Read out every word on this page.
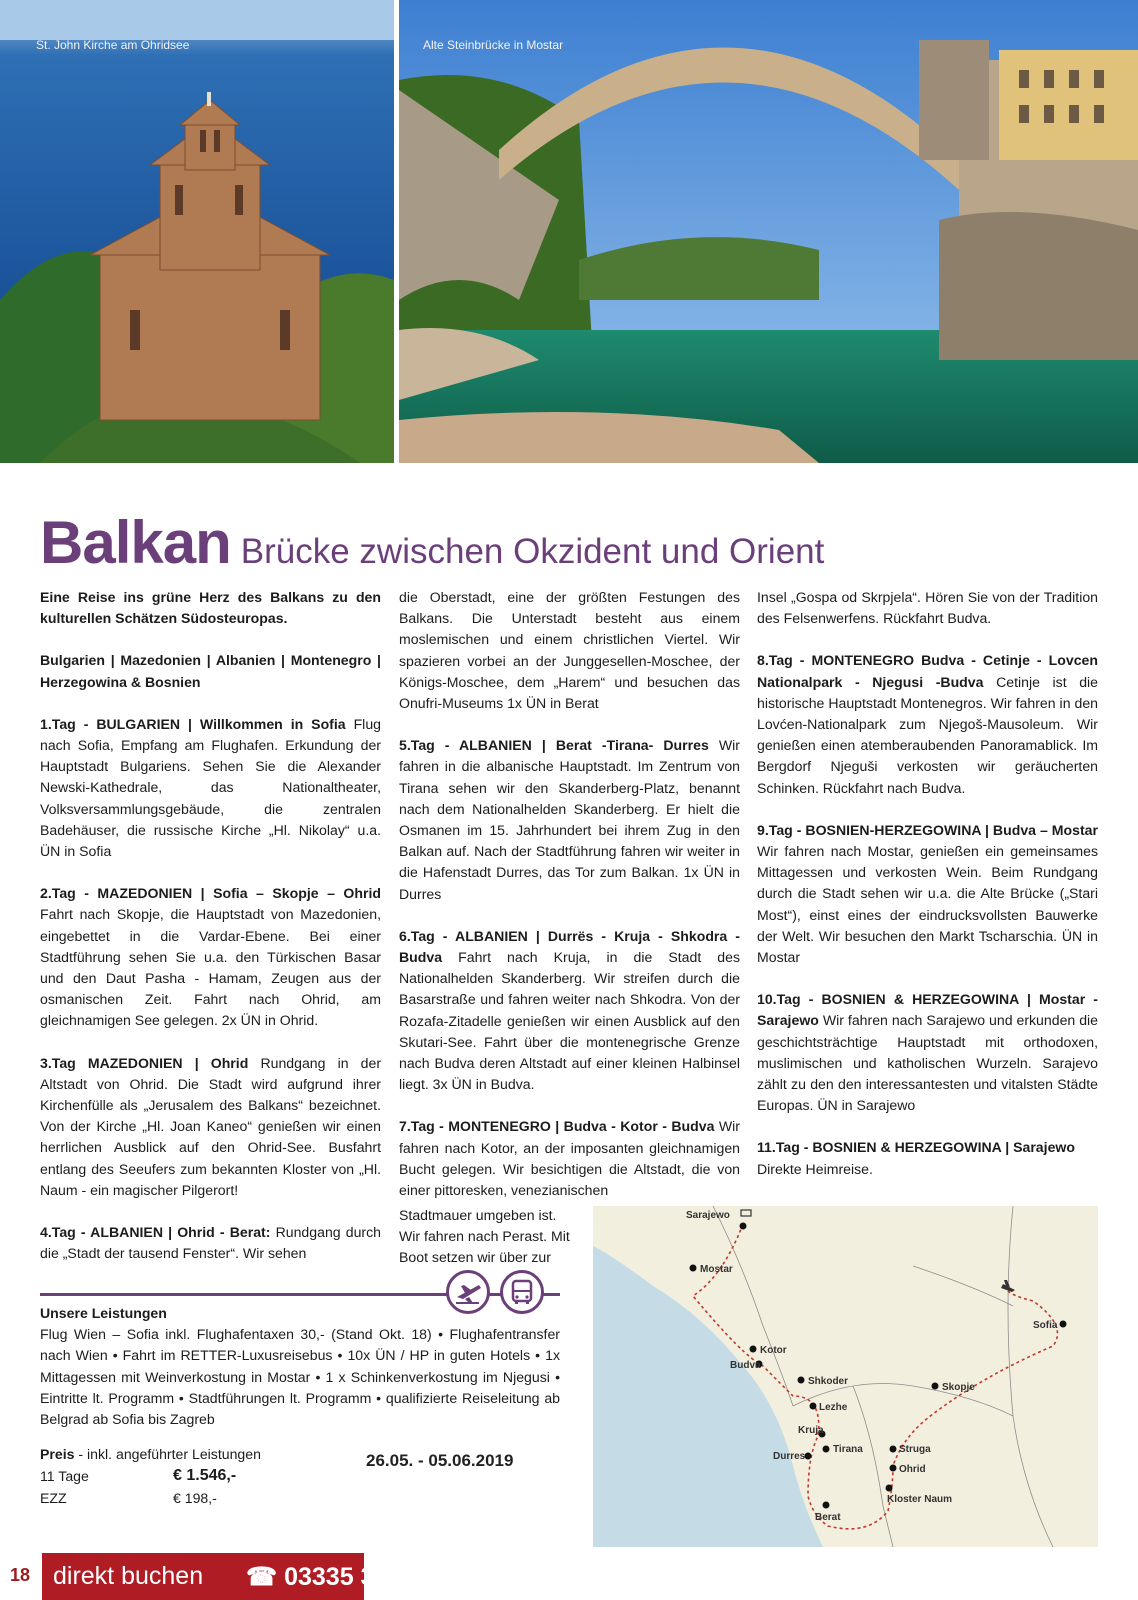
St. John Kirche am Ohridsee	Alte Steinbrücke in Mostar
Balkan Brücke zwischen Okzident und Orient

Eine Reise ins grüne Herz des Balkans zu den kulturellen Schätzen Südosteuropas.

Bulgarien | Mazedonien | Albanien | Montenegro | Herzegowina & Bosnien

1.Tag - BULGARIEN | Willkommen in Sofia Flug nach Sofia, Empfang am Flughafen. Erkundung der Hauptstadt Bulgariens. Sehen Sie die Alexander Newski-Kathedrale, das Nationaltheater, Volksversammlungsgebäude, die zentralen Badehäuser, die russische Kirche „Hl. Nikolay“ u.a. ÜN in Sofia

2.Tag - MAZEDONIEN | Sofia – Skopje – Ohrid Fahrt nach Skopje, die Hauptstadt von Mazedonien, eingebettet in die Vardar-Ebene. Bei einer Stadtführung sehen Sie u.a. den Türkischen Basar und den Daut Pasha - Hamam, Zeugen aus der osmanischen Zeit. Fahrt nach Ohrid, am gleichnamigen See gelegen. 2x ÜN in Ohrid.

3.Tag MAZEDONIEN | Ohrid Rundgang in der Altstadt von Ohrid. Die Stadt wird aufgrund ihrer Kirchenfülle als „Jerusalem des Balkans“ bezeichnet. Von der Kirche „Hl. Joan Kaneo“ genießen wir einen herrlichen Ausblick auf den Ohrid-See. Busfahrt entlang des Seeufers zum bekannten Kloster von „Hl. Naum - ein magischer Pilgerort!

4.Tag - ALBANIEN | Ohrid - Berat: Rundgang durch die „Stadt der tausend Fenster“. Wir sehen

die Oberstadt, eine der größten Festungen des Balkans. Die Unterstadt besteht aus einem moslemischen und einem christlichen Viertel. Wir spazieren vorbei an der Junggesellen-Moschee, der Königs-Moschee, dem „Harem“ und besuchen das Onufri-Museums 1x ÜN in Berat

5.Tag - ALBANIEN | Berat -Tirana- Durres Wir fahren in die albanische Hauptstadt. Im Zentrum von Tirana sehen wir den Skanderberg-Platz, benannt nach dem Nationalhelden Skanderberg. Er hielt die Osmanen im 15. Jahrhundert bei ihrem Zug in den Balkan auf. Nach der Stadtführung fahren wir weiter in die Hafenstadt Durres, das Tor zum Balkan. 1x ÜN in Durres

6.Tag - ALBANIEN | Durrës - Kruja - Shkodra - Budva Fahrt nach Kruja, in die Stadt des Nationalhelden Skanderberg. Wir streifen durch die Basarstraße und fahren weiter nach Shkodra. Von der Rozafa-Zitadelle genießen wir einen Ausblick auf den Skutari-See. Fahrt über die montenegrische Grenze nach Budva deren Altstadt auf einer kleinen Halbinsel liegt. 3x ÜN in Budva.

7.Tag - MONTENEGRO | Budva - Kotor - Budva Wir fahren nach Kotor, an der imposanten gleichnamigen Bucht gelegen. Wir besichtigen die Altstadt, die von einer pittoresken, venezianischen

Stadtmauer umgeben ist.
Wir fahren nach Perast. Mit
Boot setzen wir über zur

Insel „Gospa od Skrpjela“. Hören Sie von der Tradition des Felsenwerfens. Rückfahrt Budva.

8.Tag - MONTENEGRO Budva - Cetinje - Lovcen Nationalpark - Njegusi -Budva Cetinje ist die historische Hauptstadt Montenegros. Wir fahren in den Lovćen-Nationalpark zum Njegoš-Mausoleum. Wir genießen einen atemberaubenden Panoramablick. Im Bergdorf Njeguši verkosten wir geräucherten Schinken. Rückfahrt nach Budva.

9.Tag - BOSNIEN-HERZEGOWINA | Budva – Mostar Wir fahren nach Mostar, genießen ein gemeinsames Mittagessen und verkosten Wein. Beim Rundgang durch die Stadt sehen wir u.a. die Alte Brücke („Stari Most“), einst eines der eindrucksvollsten Bauwerke der Welt. Wir besuchen den Markt Tscharschia. ÜN in Mostar

10.Tag - BOSNIEN & HERZEGOWINA | Mostar - Sarajewo Wir fahren nach Sarajewo und erkunden die geschichtsträchtige Hauptstadt mit orthodoxen, muslimischen und katholischen Wurzeln. Sarajevo zählt zu den den interessantesten und vitalsten Städte Europas. ÜN in Sarajewo

11.Tag - BOSNIEN & HERZEGOWINA | Sarajewo
Direkte Heimreise.

Unsere Leistungen
Flug Wien – Sofia inkl. Flughafentaxen 30,- (Stand Okt. 18) • Flughafentransfer nach Wien • Fahrt im RETTER-Luxusreisebus • 10x ÜN / HP in guten Hotels • 1x Mittagessen mit Weinverkostung in Mostar • 1 x Schinkenverkostung im Njegusi • Eintritte lt. Programm • Stadtführungen lt. Programm • qualifizierte Reiseleitung ab Belgrad ab Sofia bis Zagreb
Preis - inkl. angeführter Leistungen
11 Tage	€ 1.546,-
EZZ	€ 198,-
26.05. - 05.06.2019
Sarajewo
Mostar
Kotor
Budva
Shkoder
Lezhe
Kruja
Tirana
Durres
Berat
Struga
Ohrid
Kloster Naum
Skopje
Sofia
18 direkt buchen ☎ 03335 3900
